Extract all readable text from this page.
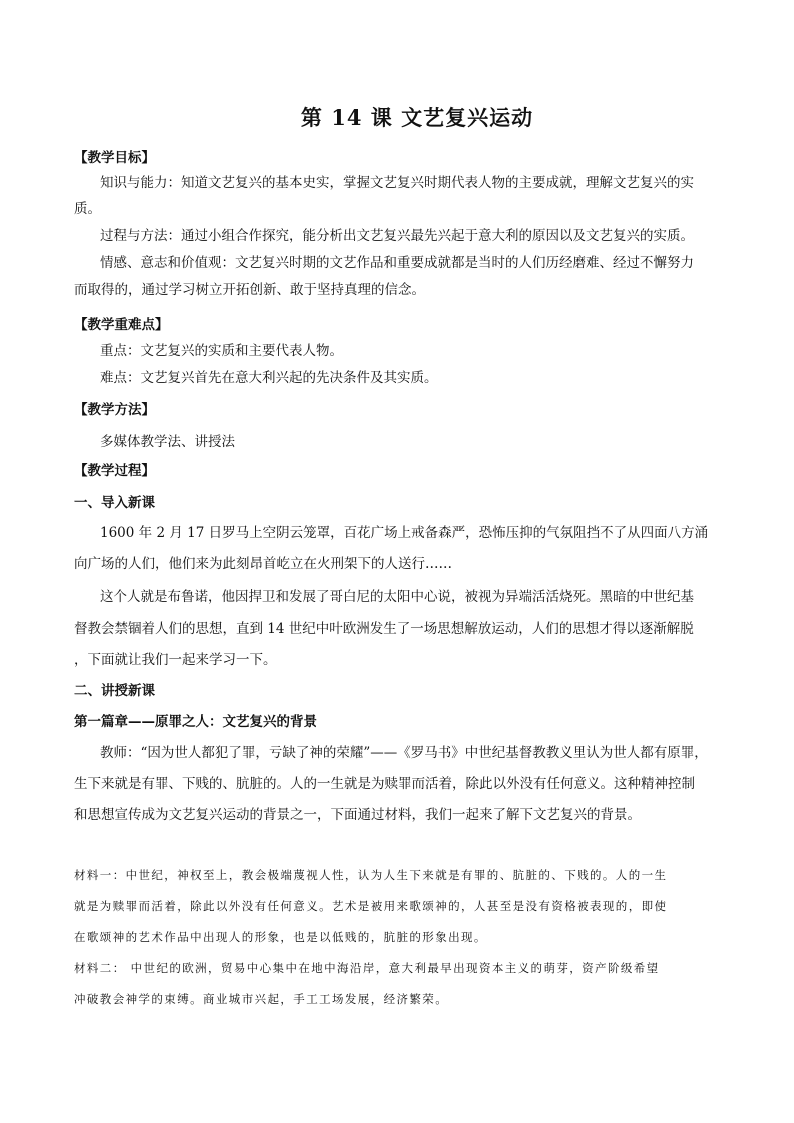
第 14 课 文艺复兴运动
【教学目标】
知识与能力：知道文艺复兴的基本史实，掌握文艺复兴时期代表人物的主要成就，理解文艺复兴的实
质。
过程与方法：通过小组合作探究，能分析出文艺复兴最先兴起于意大利的原因以及文艺复兴的实质。
情感、意志和价值观：文艺复兴时期的文艺作品和重要成就都是当时的人们历经磨难、经过不懈努力
而取得的，通过学习树立开拓创新、敢于坚持真理的信念。
【教学重难点】
重点：文艺复兴的实质和主要代表人物。
难点：文艺复兴首先在意大利兴起的先决条件及其实质。
【教学方法】
多媒体教学法、讲授法
【教学过程】
一、导入新课
1600 年 2 月 17 日罗马上空阴云笼罩，百花广场上戒备森严，恐怖压抑的气氛阻挡不了从四面八方涌
向广场的人们，他们来为此刻昂首屹立在火刑架下的人送行……
这个人就是布鲁诺，他因捍卫和发展了哥白尼的太阳中心说，被视为异端活活烧死。黑暗的中世纪基
督教会禁锢着人们的思想，直到 14 世纪中叶欧洲发生了一场思想解放运动，人们的思想才得以逐渐解脱
，下面就让我们一起来学习一下。
二、讲授新课
第一篇章——原罪之人：文艺复兴的背景
教师：“因为世人都犯了罪，亏缺了神的荣耀”——《罗马书》中世纪基督教教义里认为世人都有原罪，
生下来就是有罪、下贱的、肮脏的。人的一生就是为赎罪而活着，除此以外没有任何意义。这种精神控制
和思想宣传成为文艺复兴运动的背景之一，下面通过材料，我们一起来了解下文艺复兴的背景。
材料一：中世纪，神权至上，教会极端蔑视人性，认为人生下来就是有罪的、肮脏的、下贱的。人的一生
就是为赎罪而活着，除此以外没有任何意义。艺术是被用来歌颂神的，人甚至是没有资格被表现的，即使
在歌颂神的艺术作品中出现人的形象，也是以低贱的，肮脏的形象出现。
材料二： 中世纪的欧洲，贸易中心集中在地中海沿岸，意大利最早出现资本主义的萌芽，资产阶级希望
冲破教会神学的束缚。商业城市兴起，手工工场发展，经济繁荣。
